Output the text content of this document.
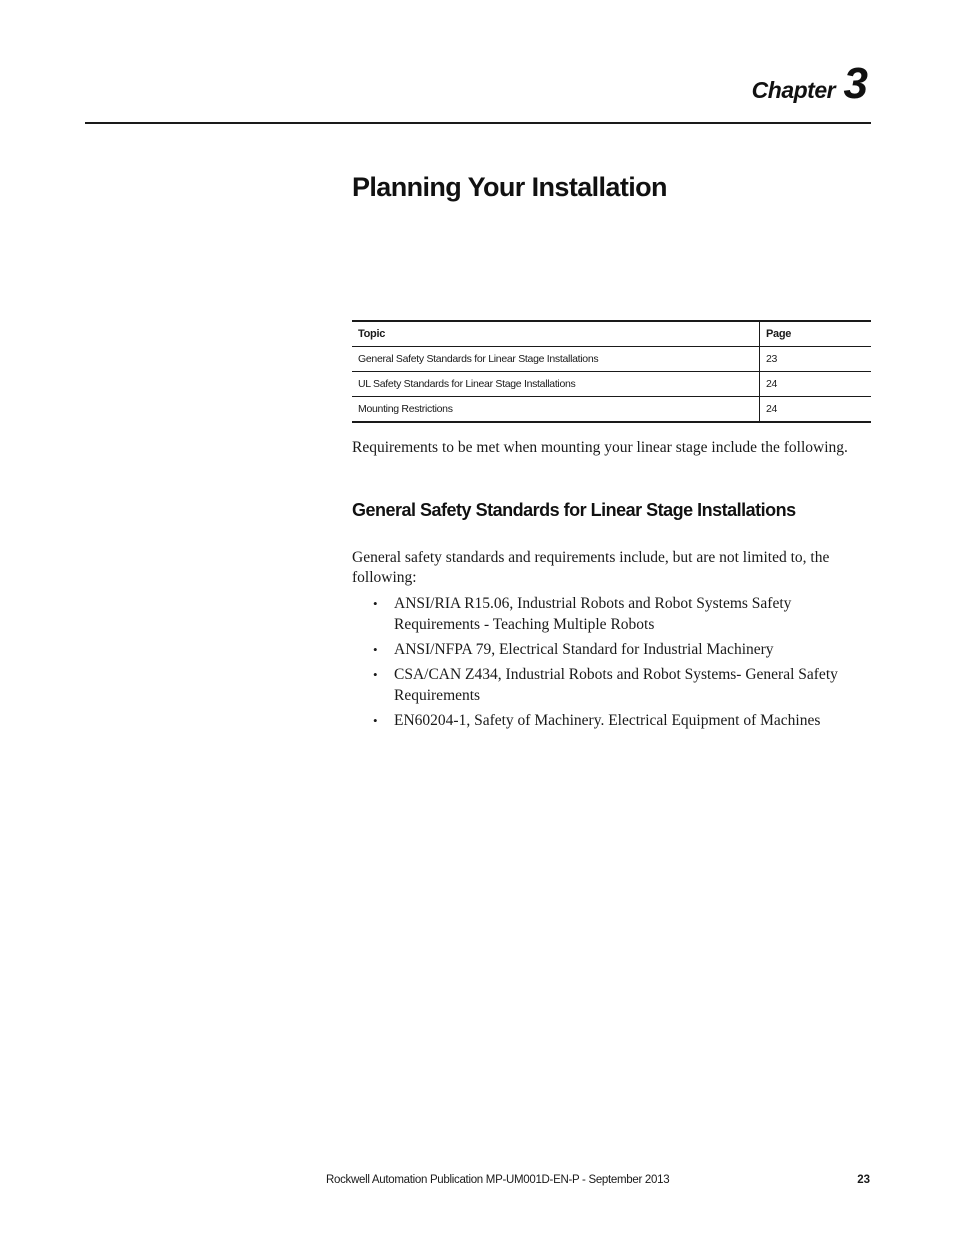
Chapter 3
Planning Your Installation
Topic	Page
General Safety Standards for Linear Stage Installations	23
UL Safety Standards for Linear Stage Installations	24
Mounting Restrictions	24

Requirements to be met when mounting your linear stage include the following.

General Safety Standards for Linear Stage Installations

General safety standards and requirements include, but are not limited to, the following:

• ANSI/RIA R15.06, Industrial Robots and Robot Systems Safety Requirements - Teaching Multiple Robots
• ANSI/NFPA 79, Electrical Standard for Industrial Machinery
• CSA/CAN Z434, Industrial Robots and Robot Systems- General Safety Requirements
• EN60204-1, Safety of Machinery. Electrical Equipment of Machines
Rockwell Automation Publication MP-UM001D-EN-P - September 2013	23
